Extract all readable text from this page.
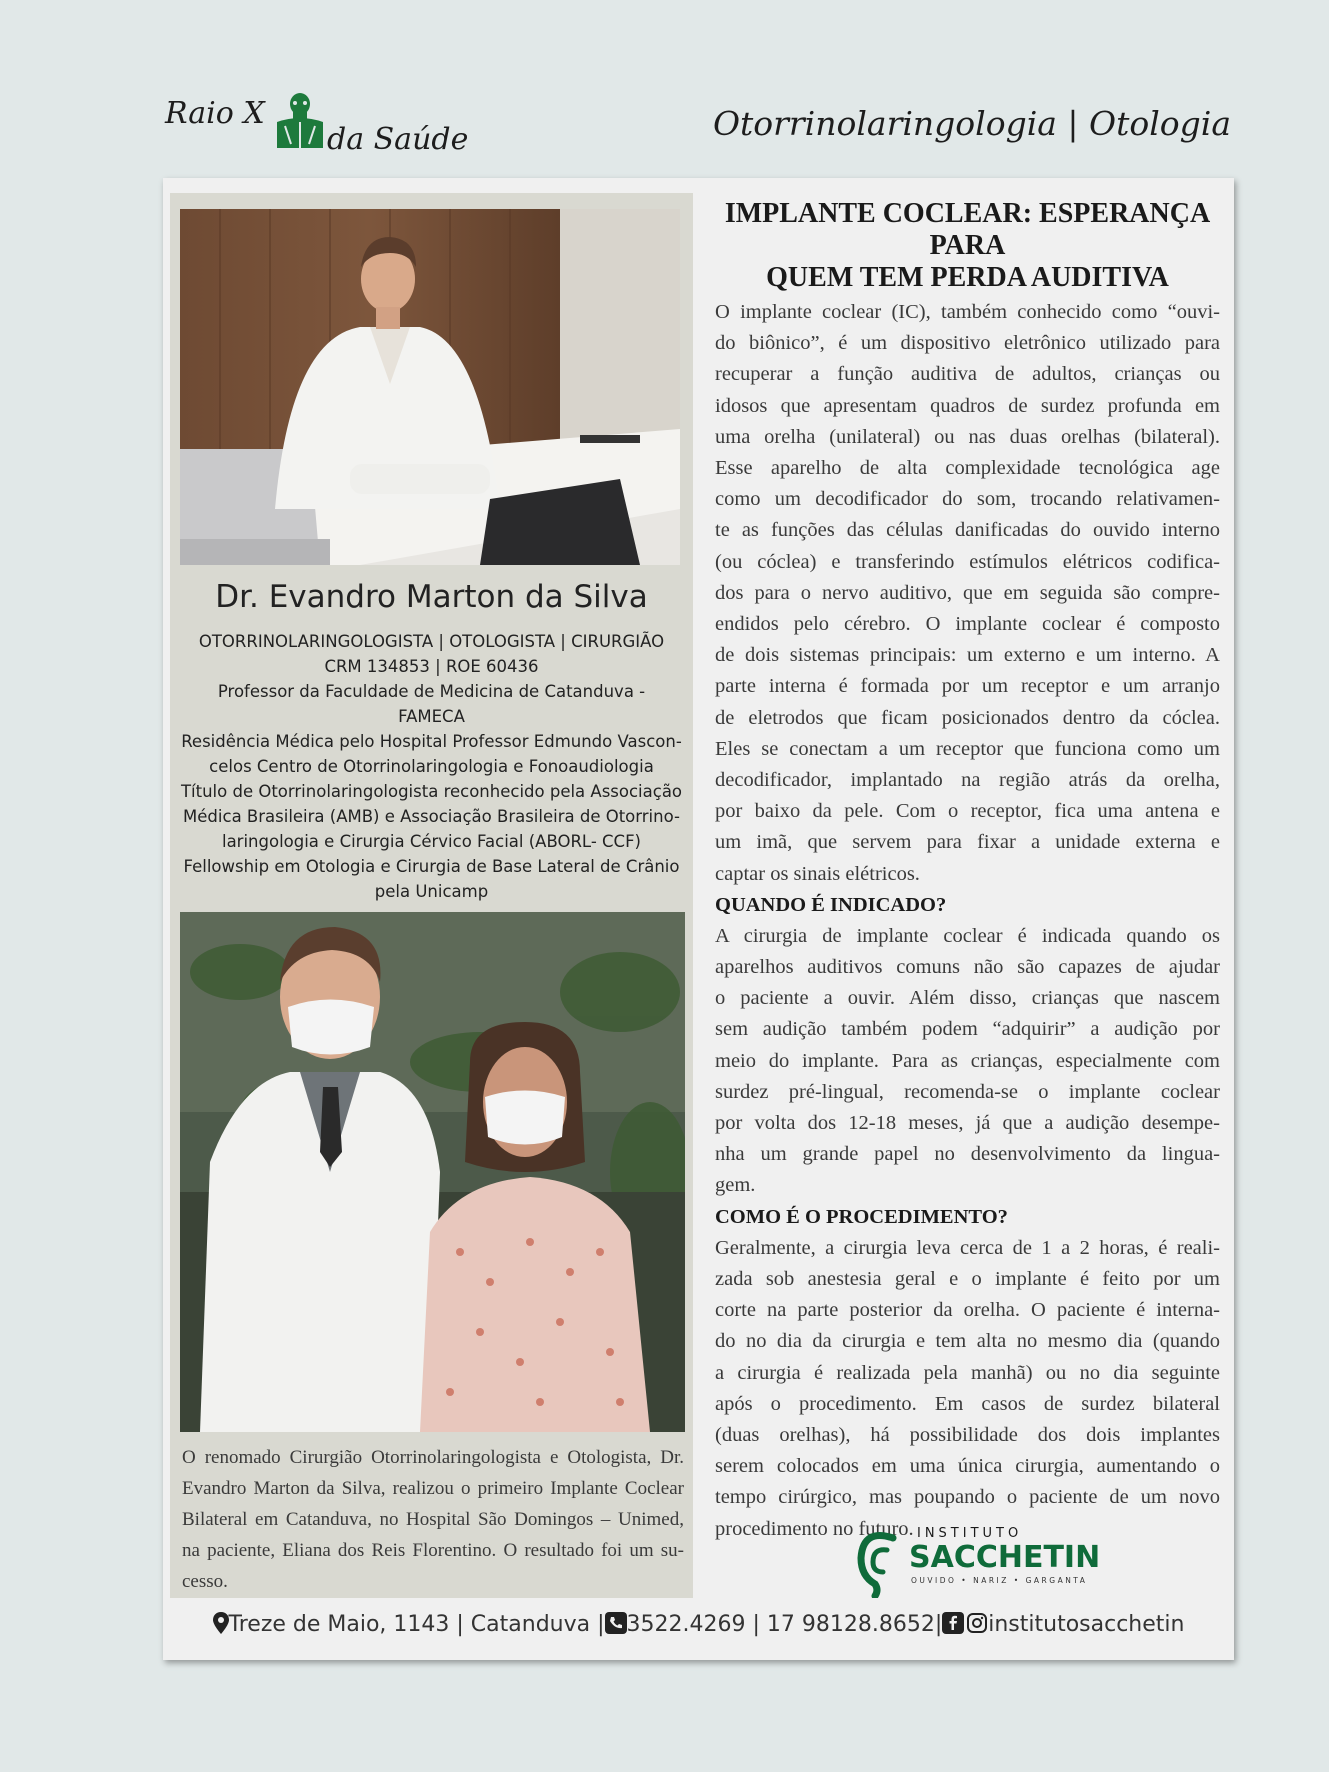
Raio X
da Saúde	Otorrinolaringologia | Otologia
Dr. Evandro Marton da Silva
OTORRINOLARINGOLOGISTA | OTOLOGISTA | CIRURGIÃO
CRM 134853 | ROE 60436
Professor da Faculdade de Medicina de Catanduva -
FAMECA
Residência Médica pelo Hospital Professor Edmundo Vascon-
celos Centro de Otorrinolaringologia e Fonoaudiologia
Título de Otorrinolaringologista reconhecido pela Associação
Médica Brasileira (AMB) e Associação Brasileira de Otorrino-
laringologia e Cirurgia Cérvico Facial (ABORL- CCF)
Fellowship em Otologia e Cirurgia de Base Lateral de Crânio
pela Unicamp
O renomado Cirurgião Otorrinolaringologista e Otologista, Dr.
Evandro Marton da Silva, realizou o primeiro Implante Coclear
Bilateral em Catanduva, no Hospital São Domingos – Unimed,
na paciente, Eliana dos Reis Florentino. O resultado foi um su-
cesso.
IMPLANTE COCLEAR: ESPERANÇA PARA
QUEM TEM PERDA AUDITIVA
O implante coclear (IC), também conhecido como “ouvi-
do biônico”, é um dispositivo eletrônico utilizado para
recuperar a função auditiva de adultos, crianças ou
idosos que apresentam quadros de surdez profunda em
uma orelha (unilateral) ou nas duas orelhas (bilateral).
Esse aparelho de alta complexidade tecnológica age
como um decodificador do som, trocando relativamen-
te as funções das células danificadas do ouvido interno
(ou cóclea) e transferindo estímulos elétricos codifica-
dos para o nervo auditivo, que em seguida são compre-
endidos pelo cérebro. O implante coclear é composto
de dois sistemas principais: um externo e um interno. A
parte interna é formada por um receptor e um arranjo
de eletrodos que ficam posicionados dentro da cóclea.
Eles se conectam a um receptor que funciona como um
decodificador, implantado na região atrás da orelha,
por baixo da pele. Com o receptor, fica uma antena e
um imã, que servem para fixar a unidade externa e
captar os sinais elétricos.
QUANDO É INDICADO?
A cirurgia de implante coclear é indicada quando os
aparelhos auditivos comuns não são capazes de ajudar
o paciente a ouvir. Além disso, crianças que nascem
sem audição também podem “adquirir” a audição por
meio do implante. Para as crianças, especialmente com
surdez pré-lingual, recomenda-se o implante coclear
por volta dos 12-18 meses, já que a audição desempe-
nha um grande papel no desenvolvimento da lingua-
gem.
COMO É O PROCEDIMENTO?
Geralmente, a cirurgia leva cerca de 1 a 2 horas, é reali-
zada sob anestesia geral e o implante é feito por um
corte na parte posterior da orelha. O paciente é interna-
do no dia da cirurgia e tem alta no mesmo dia (quando
a cirurgia é realizada pela manhã) ou no dia seguinte
após o procedimento. Em casos de surdez bilateral
(duas orelhas), há possibilidade dos dois implantes
serem colocados em uma única cirurgia, aumentando o
tempo cirúrgico, mas poupando o paciente de um novo
procedimento no futuro. INSTITUTO
SACCHETIN
OUVIDO • NARIZ • GARGANTA
Treze de Maio, 1143 | Catanduva | 3522.4269 | 17 98128.8652| institutosacchetin
